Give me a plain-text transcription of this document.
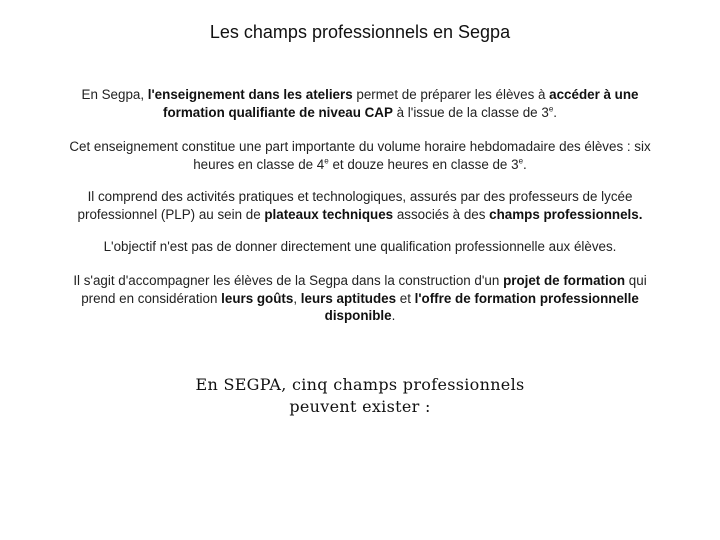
Les champs professionnels en Segpa

En Segpa, l'enseignement dans les ateliers permet de préparer les élèves à accéder à une formation qualifiante de niveau CAP à l'issue de la classe de 3e.

Cet enseignement constitue une part importante du volume horaire hebdomadaire des élèves : six heures en classe de 4e et douze heures en classe de 3e.

Il comprend des activités pratiques et technologiques, assurés par des professeurs de lycée professionnel (PLP) au sein de plateaux techniques associés à des champs professionnels.

L'objectif n'est pas de donner directement une qualification professionnelle aux élèves.

Il s'agit d'accompagner les élèves de la Segpa dans la construction d'un projet de formation qui prend en considération leurs goûts, leurs aptitudes et l'offre de formation professionnelle disponible.

En SEGPA, cinq champs professionnels
peuvent exister :
